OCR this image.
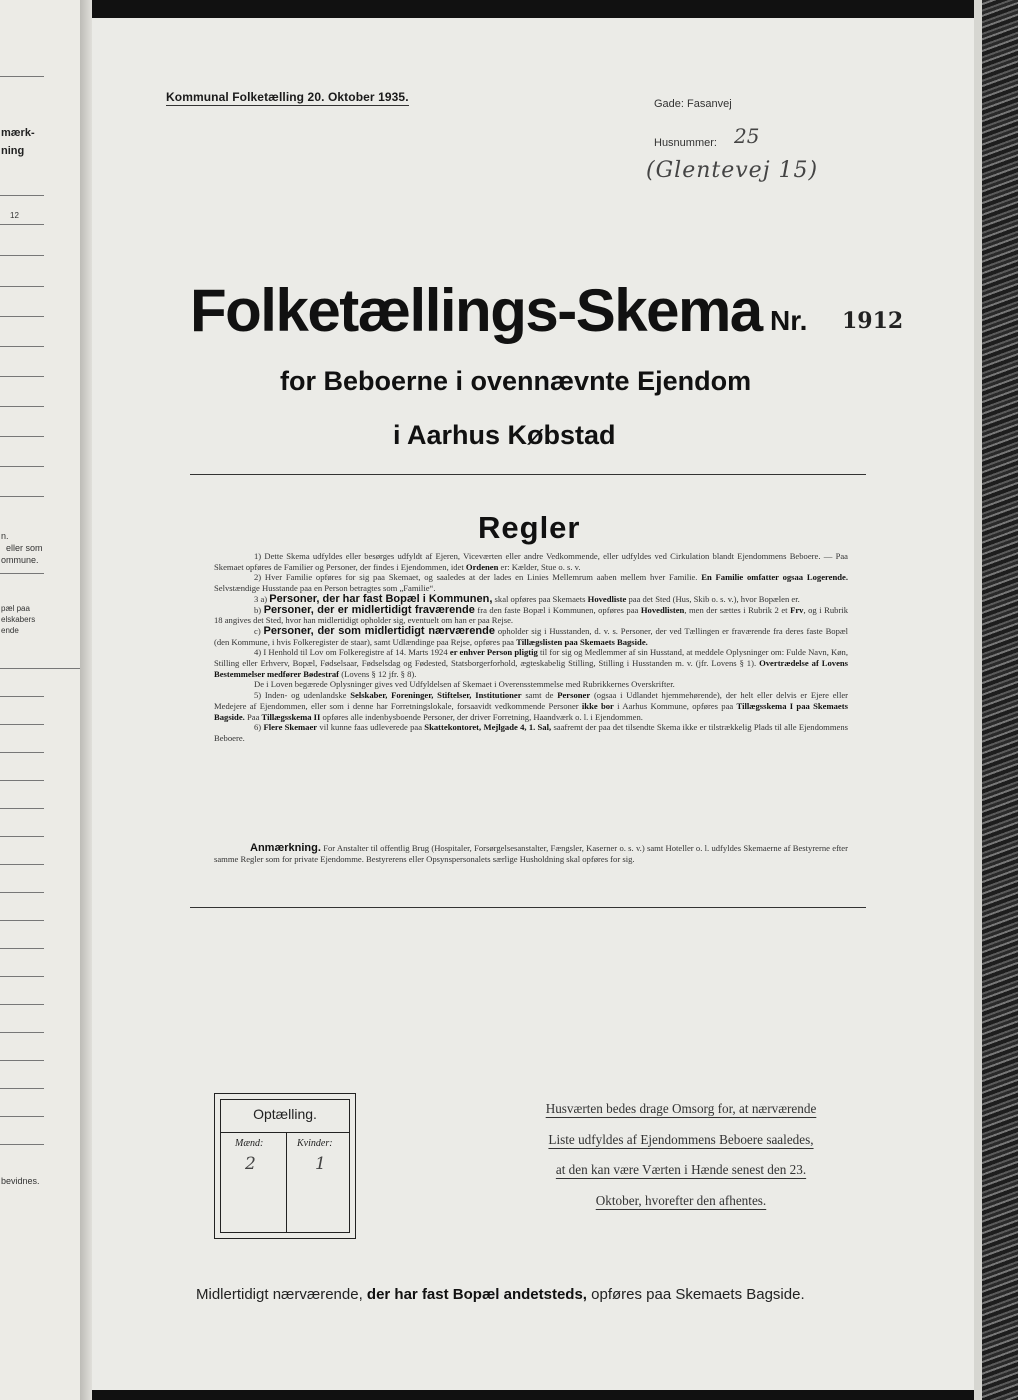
mærk-
ning
12
n.
eller som
ommune.
pæl paa
elskabers
ende
bevidnes.
Kommunal Folketælling 20. Oktober 1935.	Gade: Fasanvej
Husnummer: 25
(Glentevej 15)
Folketællings-Skema Nr. 1912
for Beboerne i ovennævnte Ejendom
i Aarhus Købstad
Regler

1) Dette Skema udfyldes eller besørges udfyldt af Ejeren, Viceværten eller andre Vedkommende, eller udfyldes ved Cirkulation blandt Ejendommens Beboere. — Paa Skemaet opføres de Familier og Personer, der findes i Ejendommen, idet Ordenen er: Kælder, Stue o. s. v.

2) Hver Familie opføres for sig paa Skemaet, og saaledes at der lades en Linies Mellemrum aaben mellem hver Familie. En Familie omfatter ogsaa Logerende. Selvstændige Husstande paa en Person betragtes som „Familie“.

3 a) Personer, der har fast Bopæl i Kommunen, skal opføres paa Skemaets Hovedliste paa det Sted (Hus, Skib o. s. v.), hvor Bopælen er.

b) Personer, der er midlertidigt fraværende fra den faste Bopæl i Kommunen, opføres paa Hovedlisten, men der sættes i Rubrik 2 et Frv, og i Rubrik 18 angives det Sted, hvor han midlertidigt opholder sig, eventuelt om han er paa Rejse.

c) Personer, der som midlertidigt nærværende opholder sig i Husstanden, d. v. s. Personer, der ved Tællingen er fraværende fra deres faste Bopæl (den Kommune, i hvis Folkeregister de staar), samt Udlændinge paa Rejse, opføres paa Tillægslisten paa Skemaets Bagside.

4) I Henhold til Lov om Folkeregistre af 14. Marts 1924 er enhver Person pligtig til for sig og Medlemmer af sin Husstand, at meddele Oplysninger om: Fulde Navn, Køn, Stilling eller Erhverv, Bopæl, Fødselsaar, Fødselsdag og Fødested, Statsborgerforhold, ægteskabelig Stilling, Stilling i Husstanden m. v. (jfr. Lovens § 1). Overtrædelse af Lovens Bestemmelser medfører Bødestraf (Lovens § 12 jfr. § 8).

De i Loven begærede Oplysninger gives ved Udfyldelsen af Skemaet i Overensstemmelse med Rubrikkernes Overskrifter.

5) Inden- og udenlandske Selskaber, Foreninger, Stiftelser, Institutioner samt de Personer (ogsaa i Udlandet hjemmehørende), der helt eller delvis er Ejere eller Medejere af Ejendommen, eller som i denne har Forretningslokale, forsaavidt vedkommende Personer ikke bor i Aarhus Kommune, opføres paa Tillægsskema I paa Skemaets Bagside. Paa Tillægsskema II opføres alle indenbysboende Personer, der driver Forretning, Haandværk o. l. i Ejendommen.

6) Flere Skemaer vil kunne faas udleverede paa Skattekontoret, Mejlgade 4, 1. Sal, saafremt der paa det tilsendte Skema ikke er tilstrækkelig Plads til alle Ejendommens Beboere.

Anmærkning. For Anstalter til offentlig Brug (Hospitaler, Forsørgelsesanstalter, Fængsler, Kaserner o. s. v.) samt Hoteller o. l. udfyldes Skemaerne af Bestyrerne efter samme Regler som for private Ejendomme. Bestyrerens eller Opsynspersonalets særlige Husholdning skal opføres for sig.

Optælling.
Mænd:	Kvinder:
2	1
Husværten bedes drage Omsorg for, at nærværende
Liste udfyldes af Ejendommens Beboere saaledes,
at den kan være Værten i Hænde senest den 23.
Oktober, hvorefter den afhentes.
Midlertidigt nærværende, der har fast Bopæl andetsteds, opføres paa Skemaets Bagside.
